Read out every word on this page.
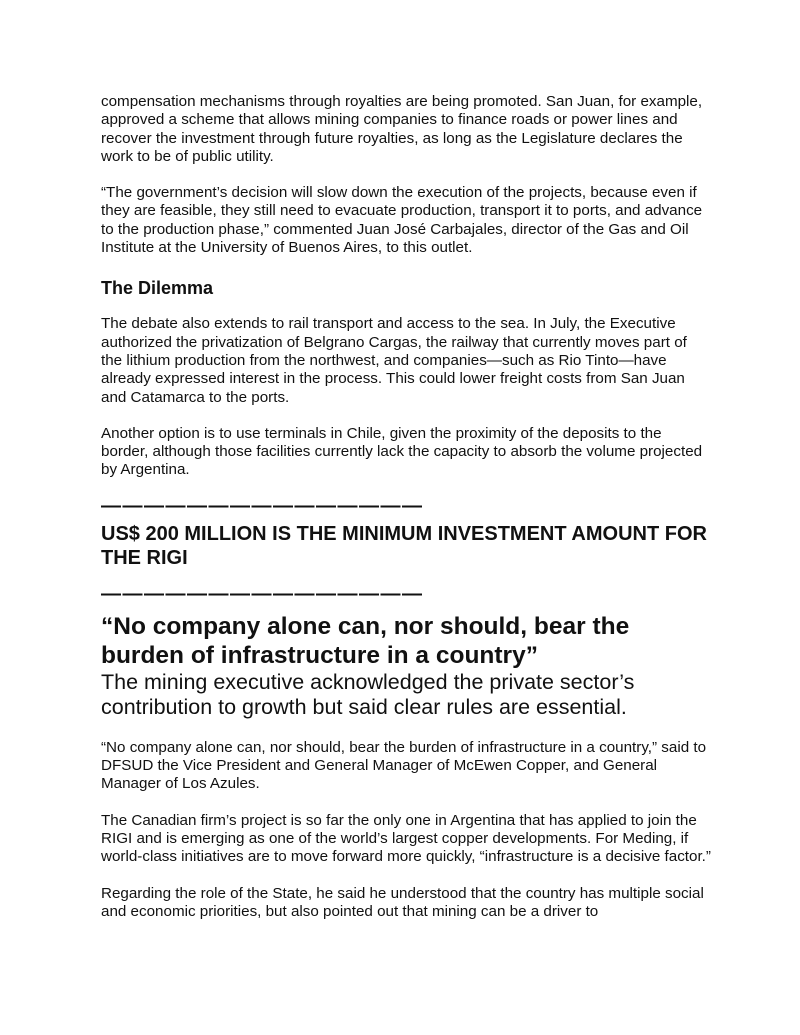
compensation mechanisms through royalties are being promoted. San Juan, for example, approved a scheme that allows mining companies to finance roads or power lines and recover the investment through future royalties, as long as the Legislature declares the work to be of public utility.

“The government’s decision will slow down the execution of the projects, because even if they are feasible, they still need to evacuate production, transport it to ports, and advance to the production phase,” commented Juan José Carbajales, director of the Gas and Oil Institute at the University of Buenos Aires, to this outlet.

The Dilemma

The debate also extends to rail transport and access to the sea. In July, the Executive authorized the privatization of Belgrano Cargas, the railway that currently moves part of the lithium production from the northwest, and companies—such as Rio Tinto—have already expressed interest in the process. This could lower freight costs from San Juan and Catamarca to the ports.

Another option is to use terminals in Chile, given the proximity of the deposits to the border, although those facilities currently lack the capacity to absorb the volume projected by Argentina.

———————————————
US$ 200 MILLION IS THE MINIMUM INVESTMENT AMOUNT FOR THE RIGI
———————————————
“No company alone can, nor should, bear the burden of infrastructure in a country”

The mining executive acknowledged the private sector’s contribution to growth but said clear rules are essential.

“No company alone can, nor should, bear the burden of infrastructure in a country,” said to DFSUD the Vice President and General Manager of McEwen Copper, and General Manager of Los Azules.

The Canadian firm’s project is so far the only one in Argentina that has applied to join the RIGI and is emerging as one of the world’s largest copper developments. For Meding, if world-class initiatives are to move forward more quickly, “infrastructure is a decisive factor.”

Regarding the role of the State, he said he understood that the country has multiple social and economic priorities, but also pointed out that mining can be a driver to
